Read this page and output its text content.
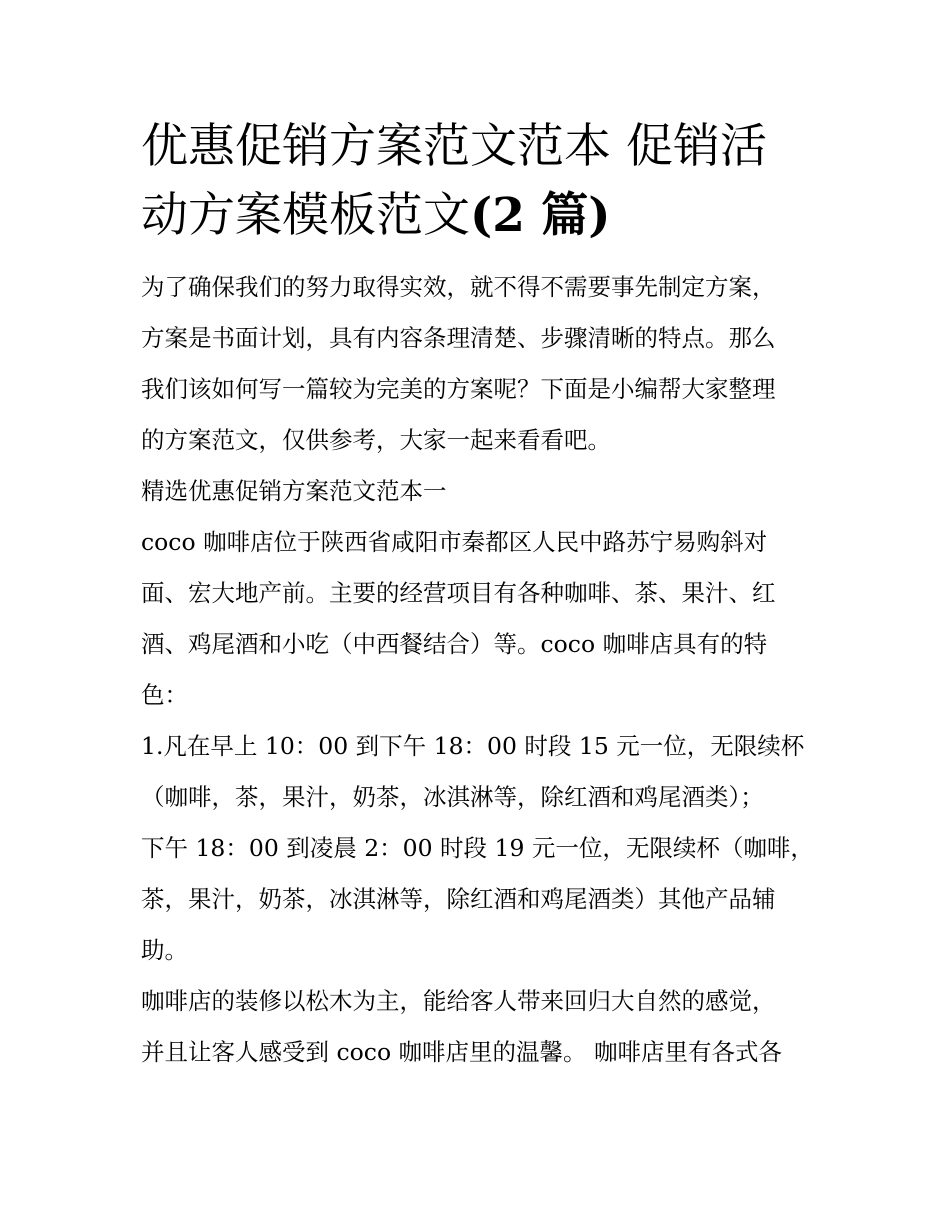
优惠促销方案范文范本 促销活
动方案模板范文(2 篇)
为了确保我们的努力取得实效，就不得不需要事先制定方案，
方案是书面计划，具有内容条理清楚、步骤清晰的特点。那么
我们该如何写一篇较为完美的方案呢？下面是小编帮大家整理
的方案范文，仅供参考，大家一起来看看吧。
精选优惠促销方案范文范本一
coco 咖啡店位于陕西省咸阳市秦都区人民中路苏宁易购斜对
面、宏大地产前。主要的经营项目有各种咖啡、茶、果汁、红
酒、鸡尾酒和小吃（中西餐结合）等。coco 咖啡店具有的特
色：
1.凡在早上 10：00 到下午 18：00 时段 15 元一位，无限续杯
（咖啡，茶，果汁，奶茶，冰淇淋等，除红酒和鸡尾酒类）；
下午 18：00 到凌晨 2：00 时段 19 元一位，无限续杯（咖啡，
茶，果汁，奶茶，冰淇淋等，除红酒和鸡尾酒类）其他产品辅
助。
咖啡店的装修以松木为主，能给客人带来回归大自然的感觉，
并且让客人感受到 coco 咖啡店里的温馨。 咖啡店里有各式各
